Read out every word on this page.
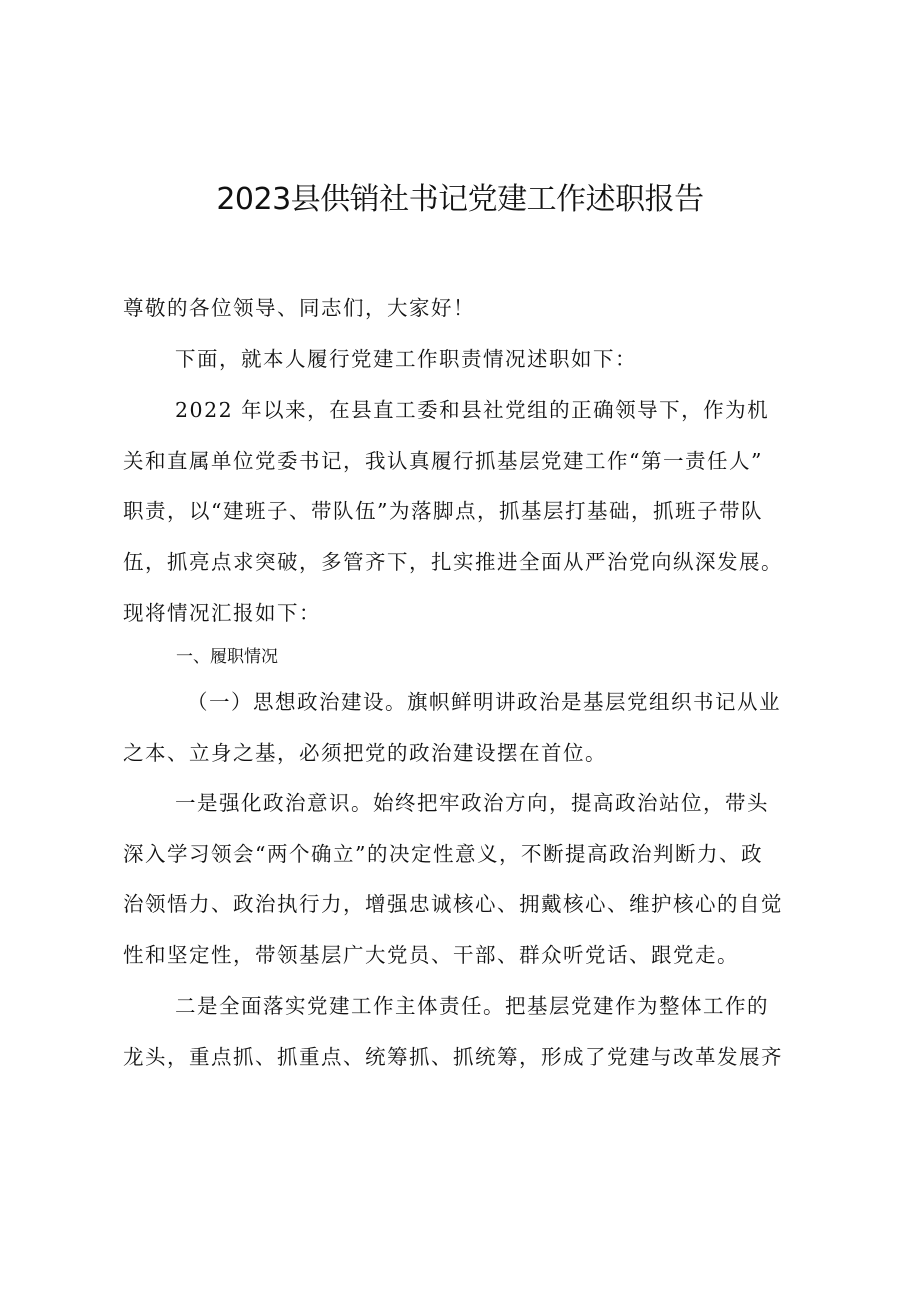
2023县供销社书记党建工作述职报告
尊敬的各位领导、同志们，大家好！
下面，就本人履行党建工作职责情况述职如下：
2022 年以来，在县直工委和县社党组的正确领导下，作为机
关和直属单位党委书记，我认真履行抓基层党建工作“第一责任人”
职责，以“建班子、带队伍”为落脚点，抓基层打基础，抓班子带队
伍，抓亮点求突破，多管齐下，扎实推进全面从严治党向纵深发展。
现将情况汇报如下：
一、履职情况
（一）思想政治建设。旗帜鲜明讲政治是基层党组织书记从业
之本、立身之基，必须把党的政治建设摆在首位。
一是强化政治意识。始终把牢政治方向，提高政治站位，带头
深入学习领会“两个确立”的决定性意义，不断提高政治判断力、政
治领悟力、政治执行力，增强忠诚核心、拥戴核心、维护核心的自觉
性和坚定性，带领基层广大党员、干部、群众听党话、跟党走。
二是全面落实党建工作主体责任。把基层党建作为整体工作的
龙头，重点抓、抓重点、统筹抓、抓统筹，形成了党建与改革发展齐
